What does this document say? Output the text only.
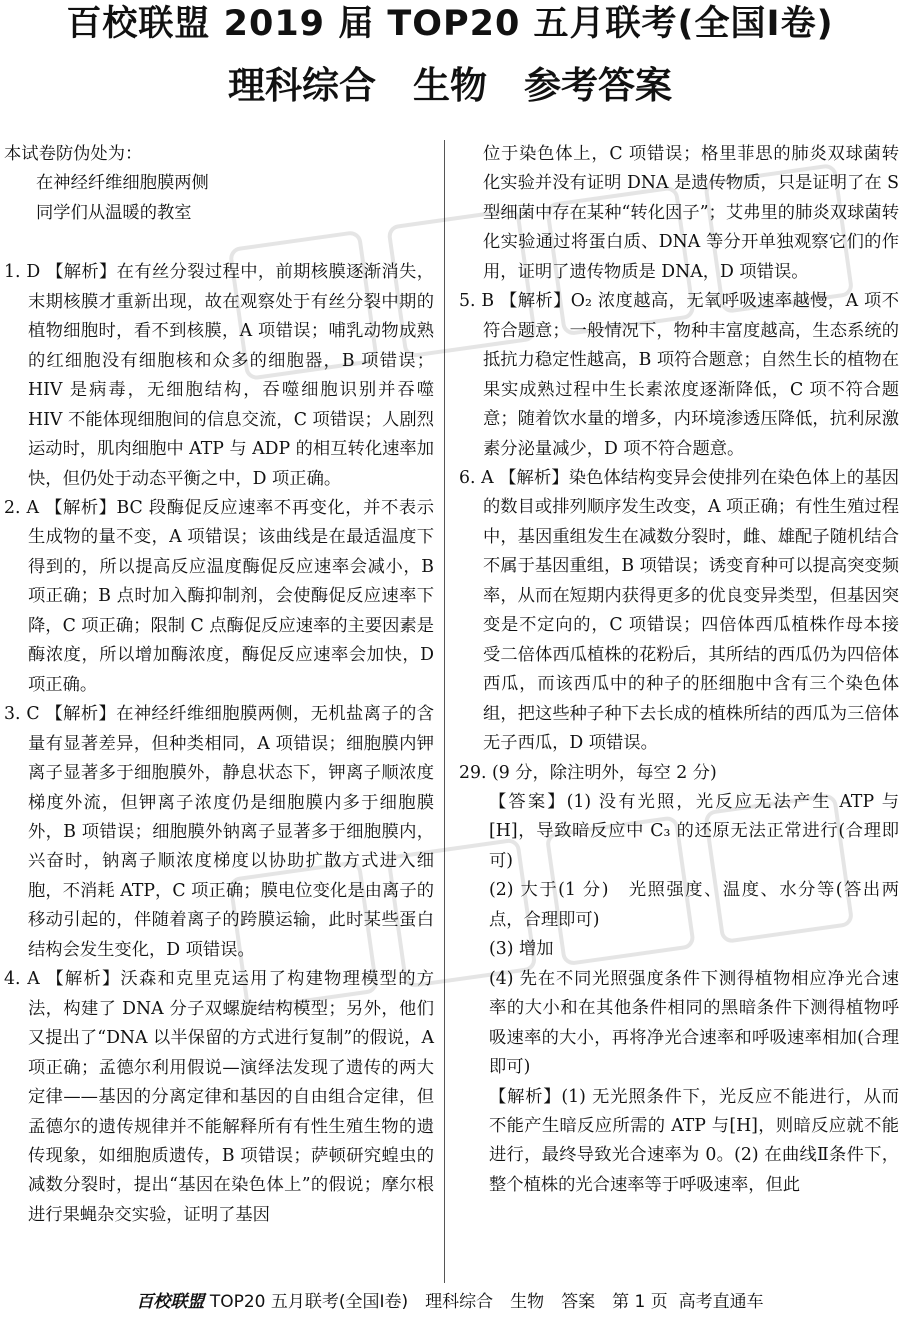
百校联盟 2019 届 TOP20 五月联考(全国Ⅰ卷)
理科综合　生物　参考答案

本试卷防伪处为：

在神经纤维细胞膜两侧

同学们从温暖的教室

1. D 【解析】在有丝分裂过程中，前期核膜逐渐消失，末期核膜才重新出现，故在观察处于有丝分裂中期的植物细胞时，看不到核膜，A 项错误；哺乳动物成熟的红细胞没有细胞核和众多的细胞器，B 项错误；HIV 是病毒，无细胞结构，吞噬细胞识别并吞噬 HIV 不能体现细胞间的信息交流，C 项错误；人剧烈运动时，肌肉细胞中 ATP 与 ADP 的相互转化速率加快，但仍处于动态平衡之中，D 项正确。

2. A 【解析】BC 段酶促反应速率不再变化，并不表示生成物的量不变，A 项错误；该曲线是在最适温度下得到的，所以提高反应温度酶促反应速率会减小，B 项正确；B 点时加入酶抑制剂，会使酶促反应速率下降，C 项正确；限制 C 点酶促反应速率的主要因素是酶浓度，所以增加酶浓度，酶促反应速率会加快，D 项正确。

3. C 【解析】在神经纤维细胞膜两侧，无机盐离子的含量有显著差异，但种类相同，A 项错误；细胞膜内钾离子显著多于细胞膜外，静息状态下，钾离子顺浓度梯度外流，但钾离子浓度仍是细胞膜内多于细胞膜外，B 项错误；细胞膜外钠离子显著多于细胞膜内，兴奋时，钠离子顺浓度梯度以协助扩散方式进入细胞，不消耗 ATP，C 项正确；膜电位变化是由离子的移动引起的，伴随着离子的跨膜运输，此时某些蛋白结构会发生变化，D 项错误。

4. A 【解析】沃森和克里克运用了构建物理模型的方法，构建了 DNA 分子双螺旋结构模型；另外，他们又提出了“DNA 以半保留的方式进行复制”的假说，A 项正确；孟德尔利用假说—演绎法发现了遗传的两大定律——基因的分离定律和基因的自由组合定律，但孟德尔的遗传规律并不能解释所有有性生殖生物的遗传现象，如细胞质遗传，B 项错误；萨顿研究蝗虫的减数分裂时，提出“基因在染色体上”的假说；摩尔根进行果蝇杂交实验，证明了基因

位于染色体上，C 项错误；格里菲思的肺炎双球菌转化实验并没有证明 DNA 是遗传物质，只是证明了在 S 型细菌中存在某种“转化因子”；艾弗里的肺炎双球菌转化实验通过将蛋白质、DNA 等分开单独观察它们的作用，证明了遗传物质是 DNA，D 项错误。

5. B 【解析】O₂ 浓度越高，无氧呼吸速率越慢，A 项不符合题意；一般情况下，物种丰富度越高，生态系统的抵抗力稳定性越高，B 项符合题意；自然生长的植物在果实成熟过程中生长素浓度逐渐降低，C 项不符合题意；随着饮水量的增多，内环境渗透压降低，抗利尿激素分泌量减少，D 项不符合题意。

6. A 【解析】染色体结构变异会使排列在染色体上的基因的数目或排列顺序发生改变，A 项正确；有性生殖过程中，基因重组发生在减数分裂时，雌、雄配子随机结合不属于基因重组，B 项错误；诱变育种可以提高突变频率，从而在短期内获得更多的优良变异类型，但基因突变是不定向的，C 项错误；四倍体西瓜植株作母本接受二倍体西瓜植株的花粉后，其所结的西瓜仍为四倍体西瓜，而该西瓜中的种子的胚细胞中含有三个染色体组，把这些种子种下去长成的植株所结的西瓜为三倍体无子西瓜，D 项错误。

29. (9 分，除注明外，每空 2 分)

【答案】(1) 没有光照，光反应无法产生 ATP 与[H]，导致暗反应中 C₃ 的还原无法正常进行(合理即可)

(2) 大于(1 分)　光照强度、温度、水分等(答出两点，合理即可)

(3) 增加

(4) 先在不同光照强度条件下测得植物相应净光合速率的大小和在其他条件相同的黑暗条件下测得植物呼吸速率的大小，再将净光合速率和呼吸速率相加(合理即可)

【解析】(1) 无光照条件下，光反应不能进行，从而不能产生暗反应所需的 ATP 与[H]，则暗反应就不能进行，最终导致光合速率为 0。(2) 在曲线Ⅱ条件下，整个植株的光合速率等于呼吸速率，但此

百校联盟 TOP20 五月联考(全国Ⅰ卷)　理科综合　生物　答案　第 1 页 高考直通车
